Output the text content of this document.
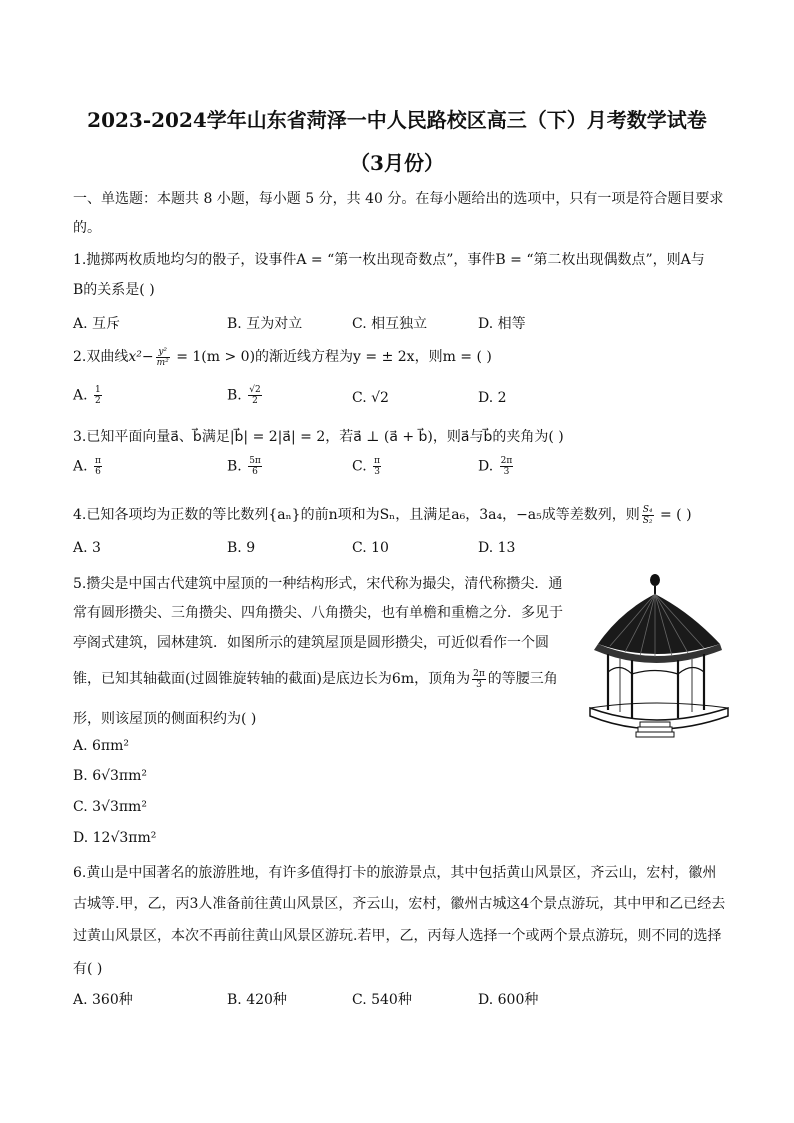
2023-2024学年山东省菏泽一中人民路校区高三（下）月考数学试卷
（3月份）
一、单选题：本题共 8 小题，每小题 5 分，共 40 分。在每小题给出的选项中，只有一项是符合题目要求
的。
1.抛掷两枚质地均匀的骰子，设事件A = “第一枚出现奇数点”，事件B = “第二枚出现偶数点”，则A与
B的关系是( )
A. 互斥	B. 互为对立	C. 相互独立	D. 相等
2.双曲线$x^2- \frac{\text{y²}}{\text{m²}} = 1(m > 0)$的渐近线方程为y = ± 2x，则m = ( )
A. $\frac{1}{2}$	B. $\frac{√2}{2}$	C. √2	D. 2
3.已知平面向量a⃗、b⃗满足|b⃗| = 2|a⃗| = 2，若a⃗ ⊥ (a⃗ + b⃗)，则a⃗与b⃗的夹角为( )
A. $\frac{\pi}{6}$	B. $\frac{5\pi}{6}$	C. $\frac{\pi}{3}$	D. $\frac{2\pi}{3}$
4.已知各项均为正数的等比数列{aₙ}的前n项和为Sₙ，且满足a₆，3a₄，−a₅成等差数列，则 $\frac{\text{S₄}}{\text{S₂}}$ = ( )
A. 3	B. 9	C. 10	D. 13
5.攒尖是中国古代建筑中屋顶的一种结构形式，宋代称为撮尖，清代称攒尖．通
常有圆形攒尖、三角攒尖、四角攒尖、八角攒尖，也有单檐和重檐之分．多见于
亭阁式建筑，园林建筑．如图所示的建筑屋顶是圆形攒尖，可近似看作一个圆
锥，已知其轴截面(过圆锥旋转轴的截面)是底边长为6m，顶角为 $\frac{2\pi}{3}$ 的等腰三角
形，则该屋顶的侧面积约为( )
A. 6πm²
B. 6√3πm²
C. 3√3πm²
D. 12√3πm²
6.黄山是中国著名的旅游胜地，有许多值得打卡的旅游景点，其中包括黄山风景区，齐云山，宏村，徽州
古城等.甲，乙，丙3人准备前往黄山风景区，齐云山，宏村，徽州古城这4个景点游玩，其中甲和乙已经去
过黄山风景区，本次不再前往黄山风景区游玩.若甲，乙，丙每人选择一个或两个景点游玩，则不同的选择
有( )
A. 360种	B. 420种	C. 540种	D. 600种
